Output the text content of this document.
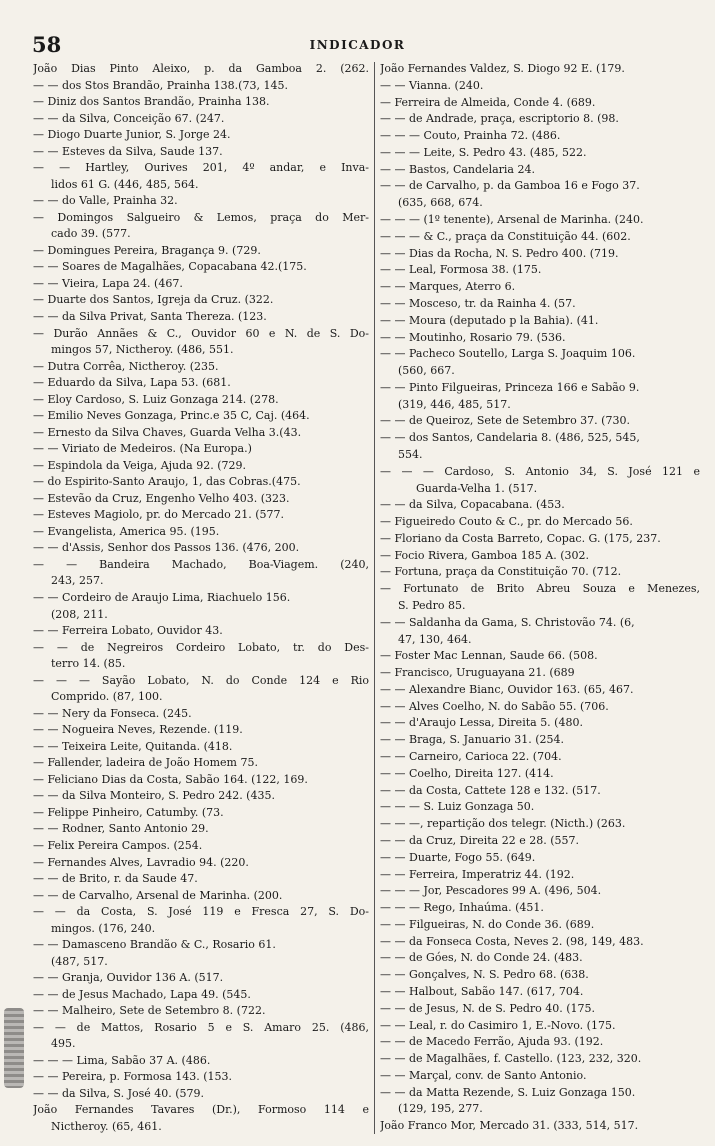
58	INDICADOR
João Dias Pinto Aleixo, p. da Gamboa 2. (262.
— — dos Stos Brandão, Prainha 138.(73, 145.
— Diniz dos Santos Brandão, Prainha 138.
— — da Silva, Conceição 67. (247.
— Diogo Duarte Junior, S. Jorge 24.
— — Esteves da Silva, Saude 137.
— — Hartley, Ourives 201, 4º andar, e Inva-
lidos 61 G. (446, 485, 564.
— — do Valle, Prainha 32.
— Domingos Salgueiro & Lemos, praça do Mer-
cado 39. (577.
— Domingues Pereira, Bragança 9. (729.
— — Soares de Magalhães, Copacabana 42.(175.
— — Vieira, Lapa 24. (467.
— Duarte dos Santos, Igreja da Cruz. (322.
— — da Silva Privat, Santa Thereza. (123.
— Durão Annães & C., Ouvidor 60 e N. de S. Do-
mingos 57, Nictheroy. (486, 551.
— Dutra Corrêa, Nictheroy. (235.
— Eduardo da Silva, Lapa 53. (681.
— Eloy Cardoso, S. Luiz Gonzaga 214. (278.
— Emilio Neves Gonzaga, Princ.e 35 C, Caj. (464.
— Ernesto da Silva Chaves, Guarda Velha 3.(43.
— — Viriato de Medeiros. (Na Europa.)
— Espindola da Veiga, Ajuda 92. (729.
— do Espirito-Santo Araujo, 1, das Cobras.(475.
— Estevão da Cruz, Engenho Velho 403. (323.
— Esteves Magiolo, pr. do Mercado 21. (577.
— Evangelista, America 95. (195.
— — d'Assis, Senhor dos Passos 136. (476, 200.
— — Bandeira Machado, Boa-Viagem. (240,
243, 257.
— — Cordeiro de Araujo Lima, Riachuelo 156.
(208, 211.
— — Ferreira Lobato, Ouvidor 43.
— — de Negreiros Cordeiro Lobato, tr. do Des-
terro 14. (85.
— — — Sayão Lobato, N. do Conde 124 e Rio
Comprido. (87, 100.
— — Nery da Fonseca. (245.
— — Nogueira Neves, Rezende. (119.
— — Teixeira Leite, Quitanda. (418.
— Fallender, ladeira de João Homem 75.
— Feliciano Dias da Costa, Sabão 164. (122, 169.
— — da Silva Monteiro, S. Pedro 242. (435.
— Felippe Pinheiro, Catumby. (73.
— — Rodner, Santo Antonio 29.
— Felix Pereira Campos. (254.
— Fernandes Alves, Lavradio 94. (220.
— — de Brito, r. da Saude 47.
— — de Carvalho, Arsenal de Marinha. (200.
— — da Costa, S. José 119 e Fresca 27, S. Do-
mingos. (176, 240.
— — Damasceno Brandão & C., Rosario 61.
(487, 517.
— — Granja, Ouvidor 136 A. (517.
— — de Jesus Machado, Lapa 49. (545.
— — Malheiro, Sete de Setembro 8. (722.
— — de Mattos, Rosario 5 e S. Amaro 25. (486,
495.
— — — Lima, Sabão 37 A. (486.
— — Pereira, p. Formosa 143. (153.
— — da Silva, S. José 40. (579.
João Fernandes Tavares (Dr.), Formoso 114 e
Nictheroy. (65, 461.
João Fernandes Valdez, S. Diogo 92 E. (179.
— — Vianna. (240.
— Ferreira de Almeida, Conde 4. (689.
— — de Andrade, praça, escriptorio 8. (98.
— — — Couto, Prainha 72. (486.
— — — Leite, S. Pedro 43. (485, 522.
— — Bastos, Candelaria 24.
— — de Carvalho, p. da Gamboa 16 e Fogo 37.
(635, 668, 674.
— — — (1º tenente), Arsenal de Marinha. (240.
— — — & C., praça da Constituição 44. (602.
— — Dias da Rocha, N. S. Pedro 400. (719.
— — Leal, Formosa 38. (175.
— — Marques, Aterro 6.
— — Mosceso, tr. da Rainha 4. (57.
— — Moura (deputado p la Bahia). (41.
— — Moutinho, Rosario 79. (536.
— — Pacheco Soutello, Larga S. Joaquim 106.
(560, 667.
— — Pinto Filgueiras, Princeza 166 e Sabão 9.
(319, 446, 485, 517.
— — de Queiroz, Sete de Setembro 37. (730.
— — dos Santos, Candelaria 8. (486, 525, 545,
554.
— — — Cardoso, S. Antonio 34, S. José 121 e
Guarda-Velha 1. (517.
— — da Silva, Copacabana. (453.
— Figueiredo Couto & C., pr. do Mercado 56.
— Floriano da Costa Barreto, Copac. G. (175, 237.
— Focio Rivera, Gamboa 185 A. (302.
— Fortuna, praça da Constituição 70. (712.
— Fortunato de Brito Abreu Souza e Menezes,
S. Pedro 85.
— — Saldanha da Gama, S. Christovão 74. (6,
47, 130, 464.
— Foster Mac Lennan, Saude 66. (508.
— Francisco, Uruguayana 21. (689
— — Alexandre Bianc, Ouvidor 163. (65, 467.
— — Alves Coelho, N. do Sabão 55. (706.
— — d'Araujo Lessa, Direita 5. (480.
— — Braga, S. Januario 31. (254.
— — Carneiro, Carioca 22. (704.
— — Coelho, Direita 127. (414.
— — da Costa, Cattete 128 e 132. (517.
— — — S. Luiz Gonzaga 50.
— — —, repartição dos telegr. (Nicth.) (263.
— — da Cruz, Direita 22 e 28. (557.
— — Duarte, Fogo 55. (649.
— — Ferreira, Imperatriz 44. (192.
— — — Jor, Pescadores 99 A. (496, 504.
— — — Rego, Inhaúma. (451.
— — Filgueiras, N. do Conde 36. (689.
— — da Fonseca Costa, Neves 2. (98, 149, 483.
— — de Góes, N. do Conde 24. (483.
— — Gonçalves, N. S. Pedro 68. (638.
— — Halbout, Sabão 147. (617, 704.
— — de Jesus, N. de S. Pedro 40. (175.
— — Leal, r. do Casimiro 1, E.-Novo. (175.
— — de Macedo Ferrão, Ajuda 93. (192.
— — de Magalhães, f. Castello. (123, 232, 320.
— — Marçal, conv. de Santo Antonio.
— — da Matta Rezende, S. Luiz Gonzaga 150.
(129, 195, 277.
João Franco Mor, Mercado 31. (333, 514, 517.
